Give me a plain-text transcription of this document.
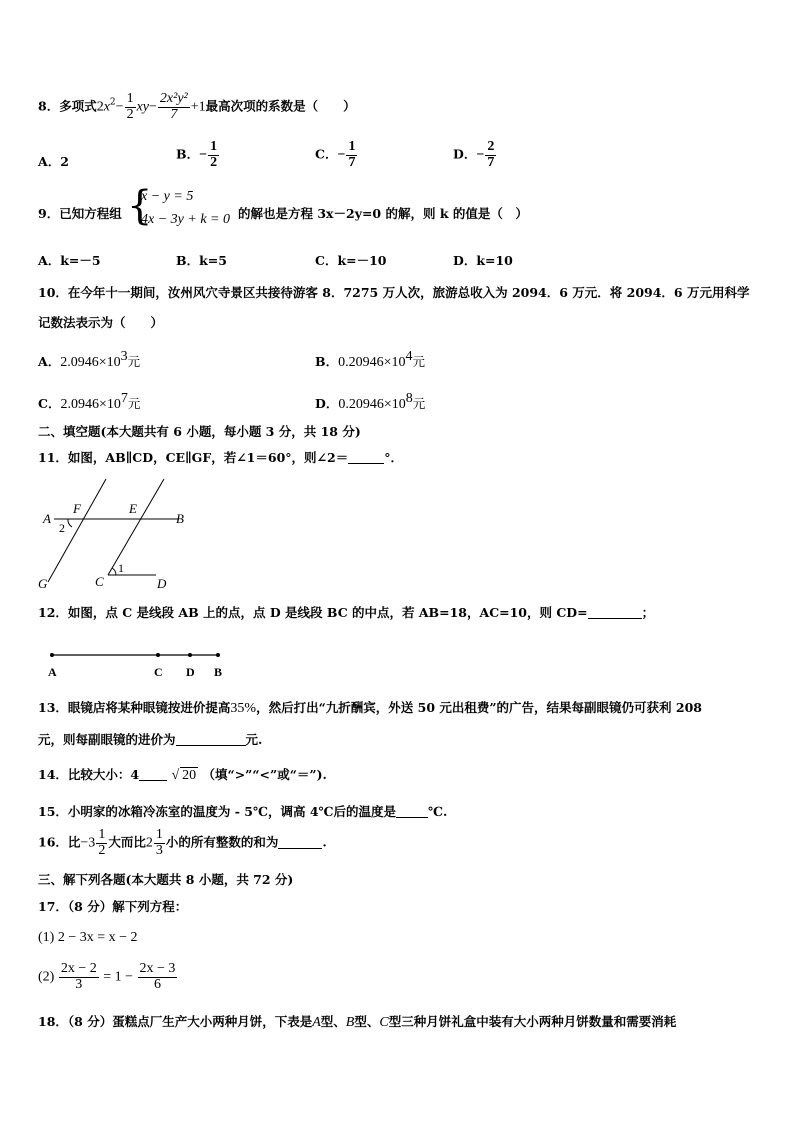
8．多项式$2x^2- \frac{1}{2} xy- \frac{\text{2x²y²}}{7} +1$最高次项的系数是（　　）
A．2	B．− $\frac{1}{2}$	C．− $\frac{1}{7}$	D．− $\frac{2}{7}$
9．已知方程组 {
x − y = 5
4x − 3y + k = 0 的解也是方程 3x－2y=0 的解，则 k 的值是（　）
A．k=－5	B．k=5	C．k=－10	D．k=10
10．在今年十一期间，汝州风穴寺景区共接待游客 8．7275 万人次，旅游总收入为 2094．6 万元．将 2094．6 万元用科学
记数法表示为（　　）
A．$2.0946\times 10^3$元	B．$0.20946\times 10^4$元
C．$2.0946\times 10^7$元	D．$0.20946\times 10^8$元
二、填空题(本大题共有 6 小题，每小题 3 分，共 18 分)
11．如图，AB∥CD，CE∥GF，若∠1＝60°，则∠2＝	°．
A	B
F	E
2
1
G	C	D
12．如图，点 C 是线段 AB 上的点，点 D 是线段 BC 的中点，若 AB=18，AC=10，则 CD=	；
A	C D B
13．眼镜店将某种眼镜按进价提高35%，然后打出“九折酬宾，外送 50 元出租费”的广告，结果每副眼镜仍可获利 208
元，则每副眼镜的进价为	元.
14．比较大小：4 √ 20 （填“>”“<”或“＝”).
15．小明家的冰箱冷冻室的温度为 - 5℃，调高 4℃后的温度是	℃.
16．比$-3 \frac{1}{2}$ 大而比$2 \frac{1}{3}$ 小的所有整数的和为	.
三、解下列各题(本大题共 8 小题，共 72 分)
17．（8 分）解下列方程：
(1) 2 − 3x = x − 2
$(2) \frac{2x - 2}{3} = 1 - \frac{2x - 3}{6}$
18．（8 分）蛋糕点厂生产大小两种月饼，下表是A型、B型、C型三种月饼礼盒中装有大小两种月饼数量和需要消耗
